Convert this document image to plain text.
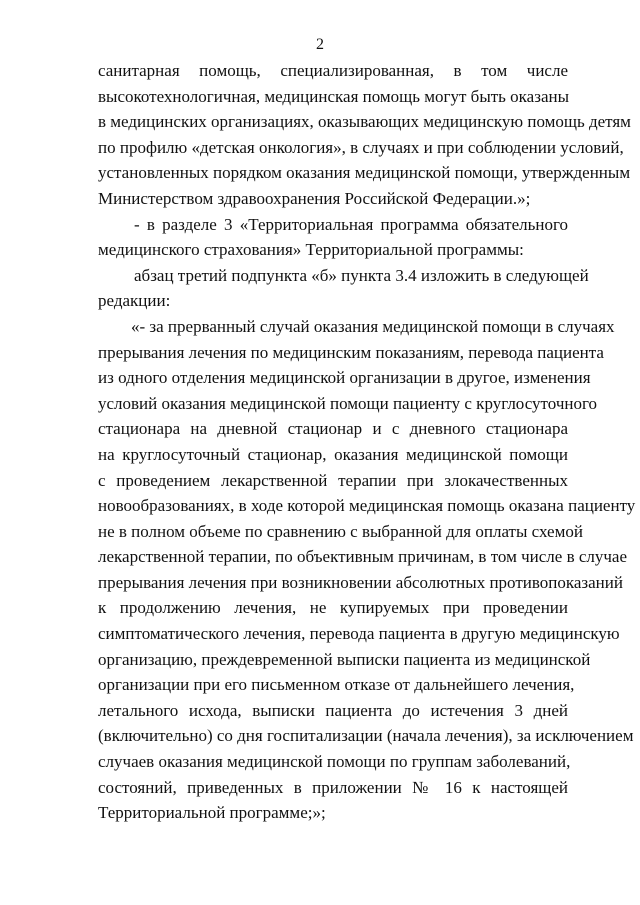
2
санитарная помощь, специализированная, в том числе
высокотехнологичная, медицинская помощь могут быть оказаны
в медицинских организациях, оказывающих медицинскую помощь детям
по профилю «детская онкология», в случаях и при соблюдении условий,
установленных порядком оказания медицинской помощи, утвержденным
Министерством здравоохранения Российской Федерации.»;
- в разделе 3 «Территориальная программа обязательного
медицинского страхования» Территориальной программы:
абзац третий подпункта «б» пункта 3.4 изложить в следующей
редакции:
«- за прерванный случай оказания медицинской помощи в случаях
прерывания лечения по медицинским показаниям, перевода пациента
из одного отделения медицинской организации в другое, изменения
условий оказания медицинской помощи пациенту с круглосуточного
стационара на дневной стационар и с дневного стационара
на круглосуточный стационар, оказания медицинской помощи
с проведением лекарственной терапии при злокачественных
новообразованиях, в ходе которой медицинская помощь оказана пациенту
не в полном объеме по сравнению с выбранной для оплаты схемой
лекарственной терапии, по объективным причинам, в том числе в случае
прерывания лечения при возникновении абсолютных противопоказаний
к продолжению лечения, не купируемых при проведении
симптоматического лечения, перевода пациента в другую медицинскую
организацию, преждевременной выписки пациента из медицинской
организации при его письменном отказе от дальнейшего лечения,
летального исхода, выписки пациента до истечения 3 дней
(включительно) со дня госпитализации (начала лечения), за исключением
случаев оказания медицинской помощи по группам заболеваний,
состояний, приведенных в приложении № 16 к настоящей
Территориальной программе;»;
